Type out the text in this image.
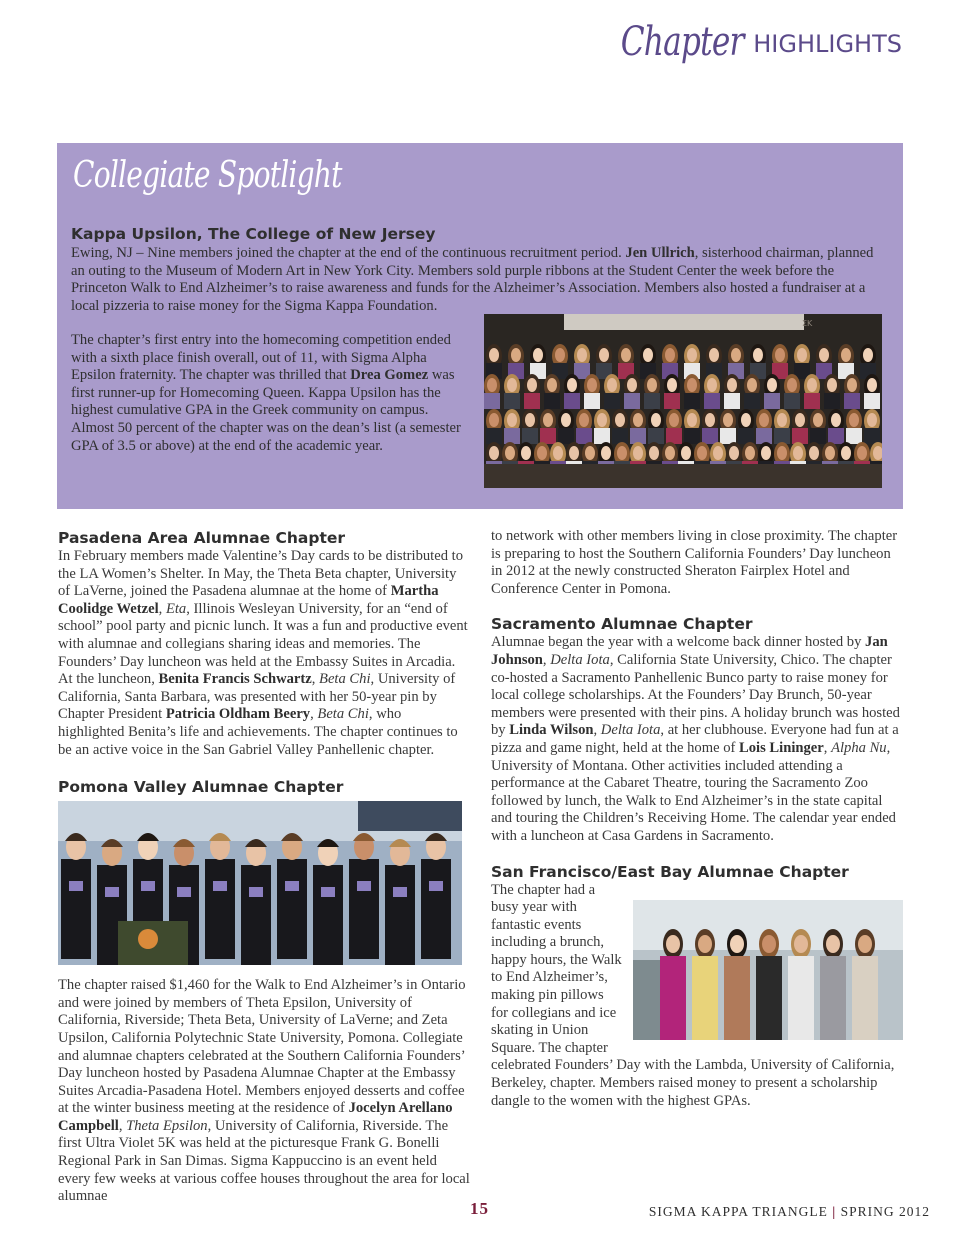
Chapter HIGHLIGHTS
Collegiate Spotlight
Kappa Upsilon, The College of New Jersey

Ewing, NJ – Nine members joined the chapter at the end of the continuous recruitment period. Jen Ullrich, sisterhood chairman, planned an outing to the Museum of Modern Art in New York City. Members sold purple ribbons at the Student Center the week before the Princeton Walk to End Alzheimer’s to raise awareness and funds for the Alzheimer’s Association. Members also hosted a fundraiser at a local pizzeria to raise money for the Sigma Kappa Foundation.

The chapter’s first entry into the homecoming competition ended with a sixth place finish overall, out of 11, with Sigma Alpha Epsilon fraternity. The chapter was thrilled that Drea Gomez was first runner-up for Homecoming Queen. Kappa Upsilon has the highest cumulative GPA in the Greek community on campus. Almost 50 percent of the chapter was on the dean’s list (a semester GPA of 3.5 or above) at the end of the academic year.

ΣK
Pasadena Area Alumnae Chapter

In February members made Valentine’s Day cards to be distributed to the LA Women’s Shelter. In May, the Theta Beta chapter, University of LaVerne, joined the Pasadena alumnae at the home of Martha Coolidge Wetzel, Eta, Illinois Wesleyan University, for an “end of school” pool party and picnic lunch. It was a fun and productive event with alumnae and collegians sharing ideas and memories. The Founders’ Day luncheon was held at the Embassy Suites in Arcadia. At the luncheon, Benita Francis Schwartz, Beta Chi, University of California, Santa Barbara, was presented with her 50-year pin by Chapter President Patricia Oldham Beery, Beta Chi, who highlighted Benita’s life and achievements. The chapter continues to be an active voice in the San Gabriel Valley Panhellenic chapter.

Pomona Valley Alumnae Chapter

The chapter raised $1,460 for the Walk to End Alzheimer’s in Ontario and were joined by members of Theta Epsilon, University of California, Riverside; Theta Beta, University of LaVerne; and Zeta Upsilon, California Polytechnic State University, Pomona. Collegiate and alumnae chapters celebrated at the Southern California Founders’ Day luncheon hosted by Pasadena Alumnae Chapter at the Embassy Suites Arcadia-Pasadena Hotel. Members enjoyed desserts and coffee at the winter business meeting at the residence of Jocelyn Arellano Campbell, Theta Epsilon, University of California, Riverside. The first Ultra Violet 5K was held at the picturesque Frank G. Bonelli Regional Park in San Dimas. Sigma Kappuccino is an event held every few weeks at various coffee houses throughout the area for local alumnae

to network with other members living in close proximity. The chapter is preparing to host the Southern California Founders’ Day luncheon in 2012 at the newly constructed Sheraton Fairplex Hotel and Conference Center in Pomona.

Sacramento Alumnae Chapter

Alumnae began the year with a welcome back dinner hosted by Jan Johnson, Delta Iota, California State University, Chico. The chapter co-hosted a Sacramento Panhellenic Bunco party to raise money for local college scholarships. At the Founders’ Day Brunch, 50-year members were presented with their pins. A holiday brunch was hosted by Linda Wilson, Delta Iota, at her clubhouse. Everyone had fun at a pizza and game night, held at the home of Lois Lininger, Alpha Nu, University of Montana. Other activities included attending a performance at the Cabaret Theatre, touring the Sacramento Zoo followed by lunch, the Walk to End Alzheimer’s in the state capital and touring the Children’s Receiving Home. The calendar year ended with a luncheon at Casa Gardens in Sacramento.

San Francisco/East Bay Alumnae Chapter

The chapter had a busy year with fantastic events including a brunch, happy hours, the Walk to End Alzheimer’s, making pin pillows for collegians and ice skating in Union Square. The chapter celebrated Founders’ Day with the Lambda, University of California, Berkeley, chapter. Members raised money to present a scholarship dangle to the women with the highest GPAs.

15	SIGMA KAPPA TRIANGLE | SPRING 2012
